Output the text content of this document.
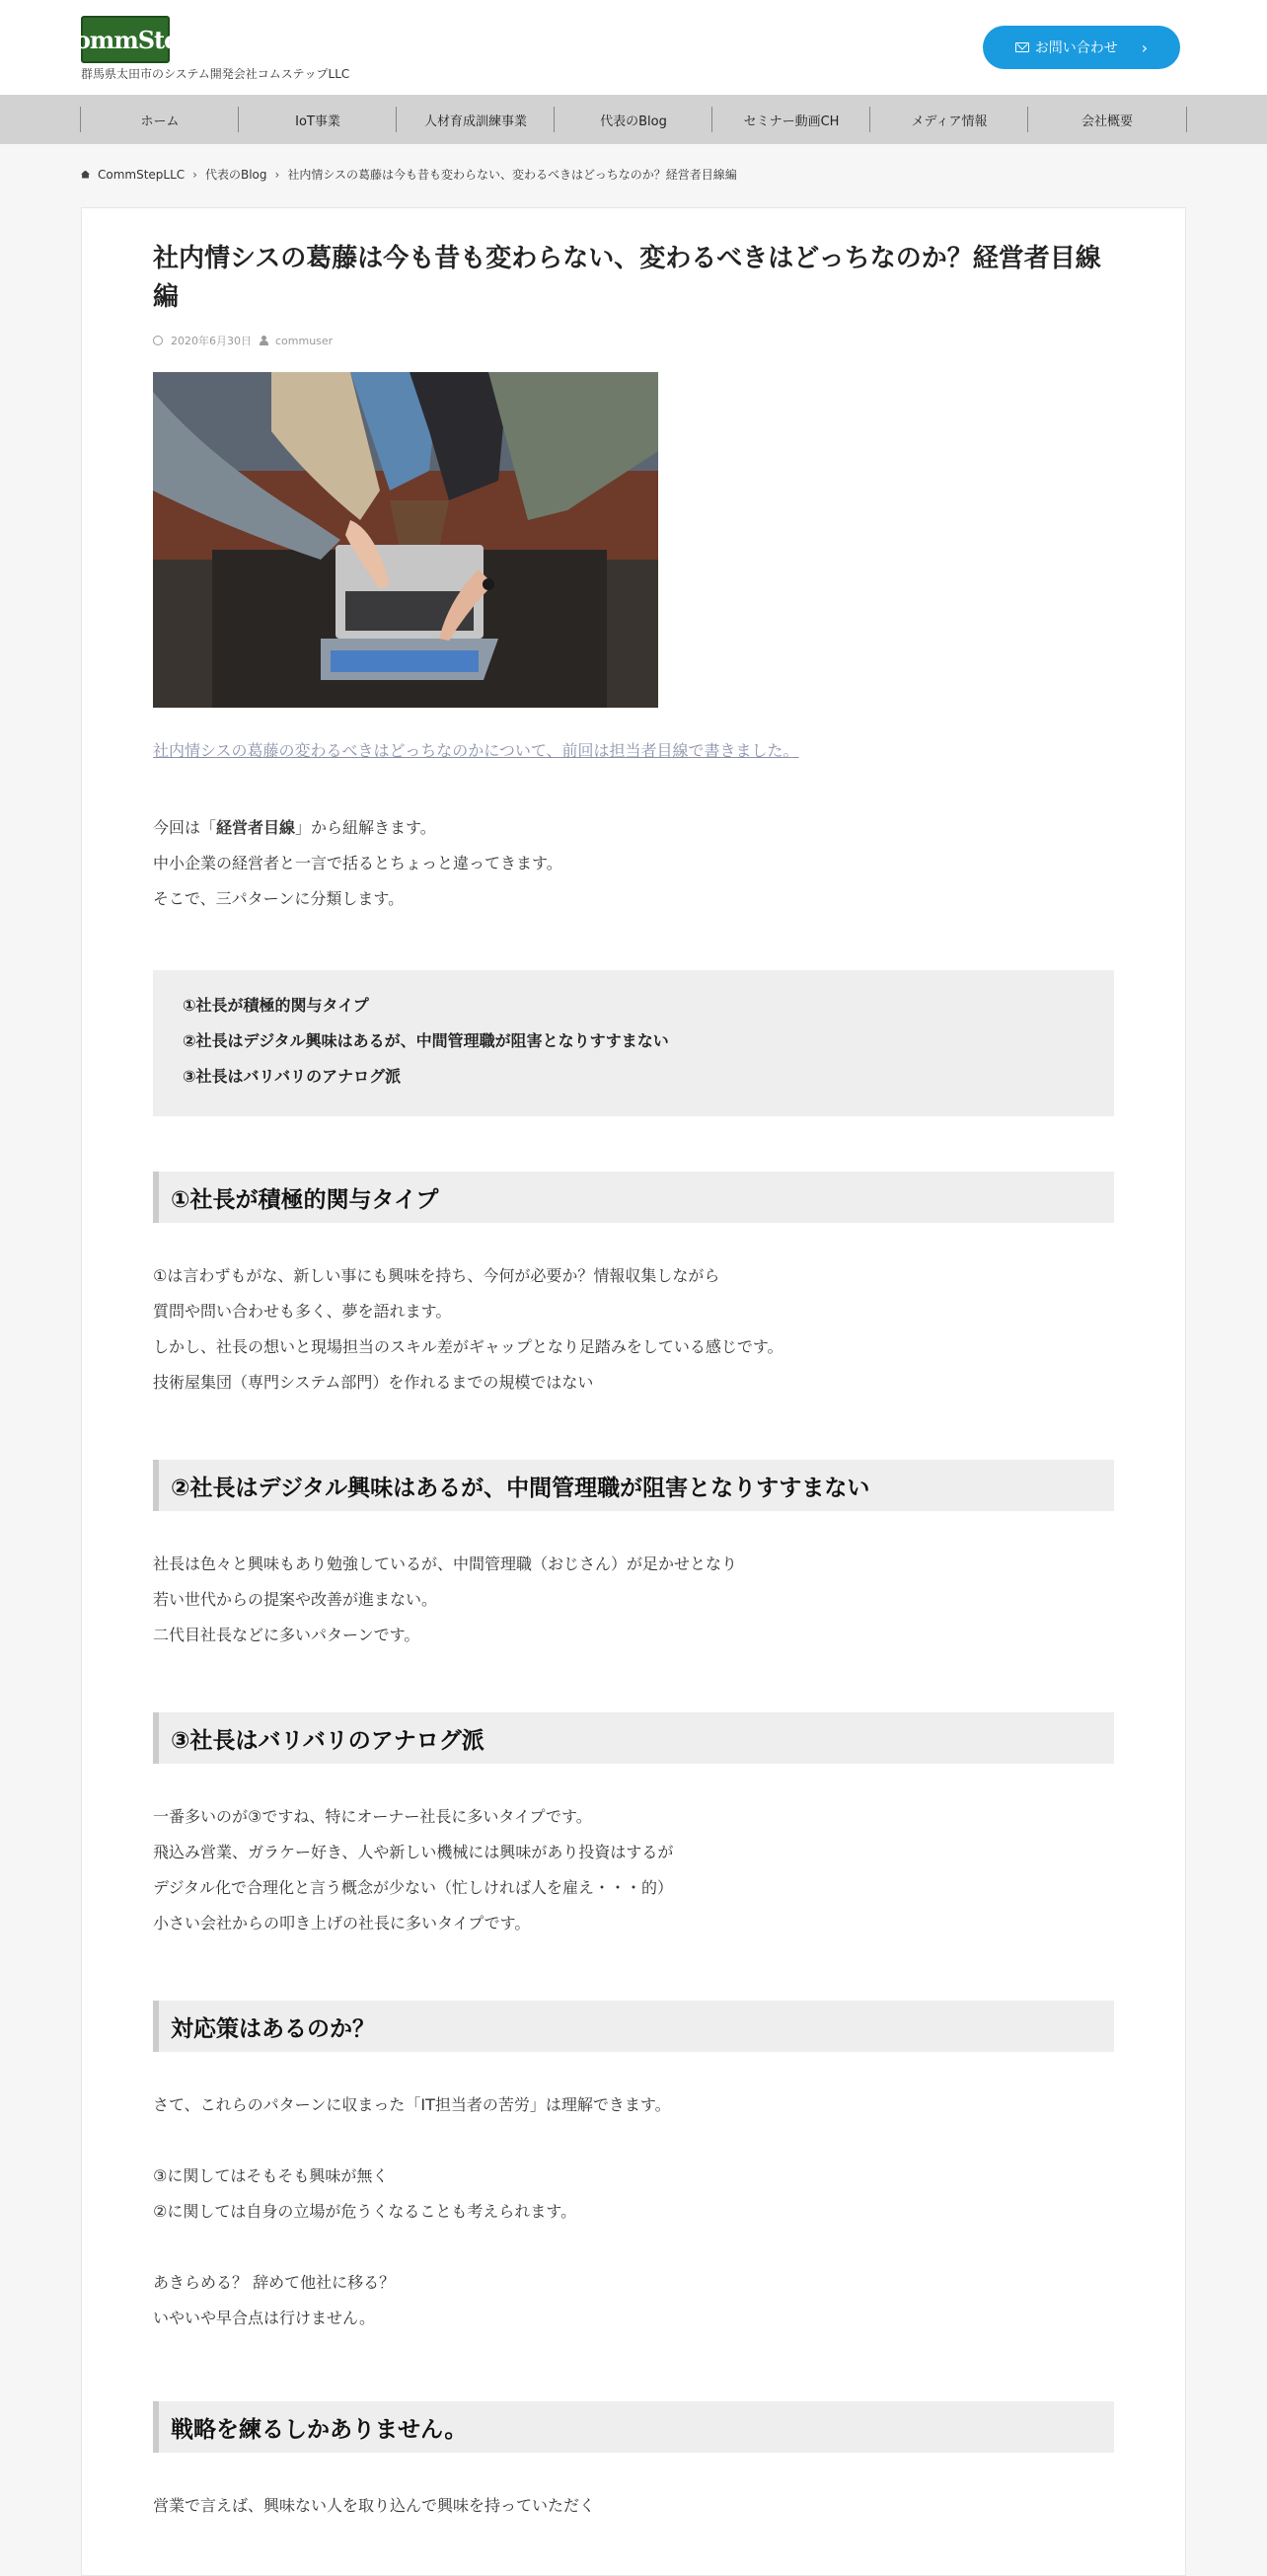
CommStep
群馬県太田市のシステム開発会社コムステップLLC
お問い合わせ ›
ホーム	IoT事業	人材育成訓練事業	代表のBlog	セミナー動画CH	メディア情報	会社概要
CommStepLLC › 代表のBlog › 社内情シスの葛藤は今も昔も変わらない、変わるべきはどっちなのか？経営者目線編
社内情シスの葛藤は今も昔も変わらない、変わるべきはどっちなのか？経営者目線編
2020年6月30日 commuser
社内情シスの葛藤の変わるべきはどっちなのかについて、前回は担当者目線で書きました。
今回は「経営者目線」から紐解きます。
中小企業の経営者と一言で括るとちょっと違ってきます。
そこで、三パターンに分類します。
①社長が積極的関与タイプ
②社長はデジタル興味はあるが、中間管理職が阻害となりすすまない
③社長はバリバリのアナログ派
①社長が積極的関与タイプ
①は言わずもがな、新しい事にも興味を持ち、今何が必要か？情報収集しながら
質問や問い合わせも多く、夢を語れます。
しかし、社長の想いと現場担当のスキル差がギャップとなり足踏みをしている感じです。
技術屋集団（専門システム部門）を作れるまでの規模ではない
②社長はデジタル興味はあるが、中間管理職が阻害となりすすまない
社長は色々と興味もあり勉強しているが、中間管理職（おじさん）が足かせとなり
若い世代からの提案や改善が進まない。
二代目社長などに多いパターンです。
③社長はバリバリのアナログ派
一番多いのが③ですね、特にオーナー社長に多いタイプです。
飛込み営業、ガラケー好き、人や新しい機械には興味があり投資はするが
デジタル化で合理化と言う概念が少ない（忙しければ人を雇え・・・的）
小さい会社からの叩き上げの社長に多いタイプです。
対応策はあるのか？
さて、これらのパターンに収まった「IT担当者の苦労」は理解できます。
③に関してはそもそも興味が無く
②に関しては自身の立場が危うくなることも考えられます。
あきらめる？ 辞めて他社に移る？
いやいや早合点は行けません。
戦略を練るしかありません。
営業で言えば、興味ない人を取り込んで興味を持っていただく
